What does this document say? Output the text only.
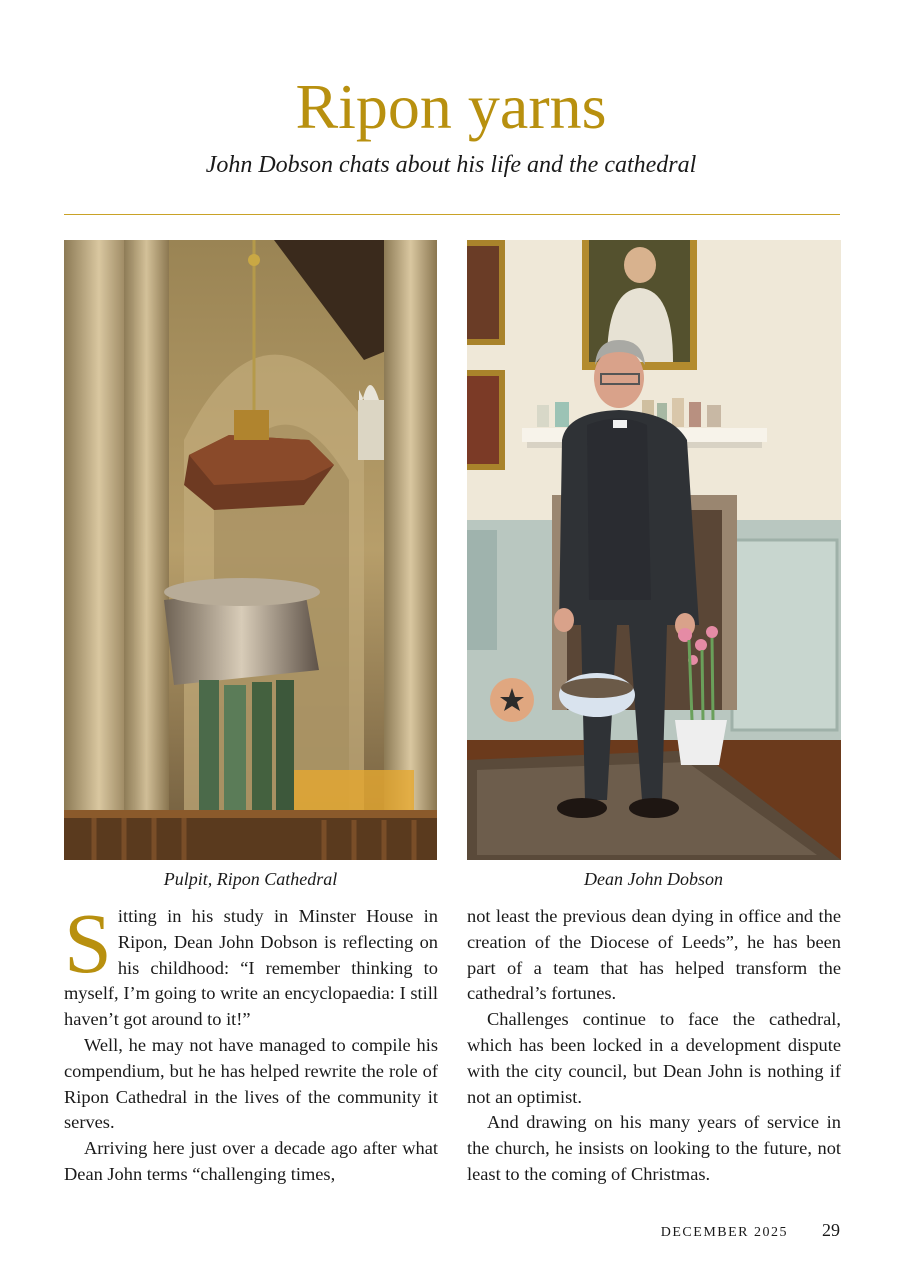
Ripon yarns

John Dobson chats about his life and the cathedral

Pulpit, Ripon Cathedral	Dean John Dobson

Sitting in his study in Minster House in Ripon, Dean John Dobson is reflecting on his childhood: “I remember thinking to myself, I’m going to write an encyclopaedia: I still haven’t got around to it!”

Well, he may not have managed to compile his compendium, but he has helped rewrite the role of Ripon Cathedral in the lives of the community it serves.

Arriving here just over a decade ago after what Dean John terms “challenging times,

not least the previous dean dying in office and the creation of the Diocese of Leeds”, he has been part of a team that has helped transform the cathedral’s fortunes.

Challenges continue to face the cathedral, which has been locked in a development dispute with the city council, but Dean John is nothing if not an optimist.

And drawing on his many years of service in the church, he insists on looking to the future, not least to the coming of Christmas.

DECEMBER 2025 29
